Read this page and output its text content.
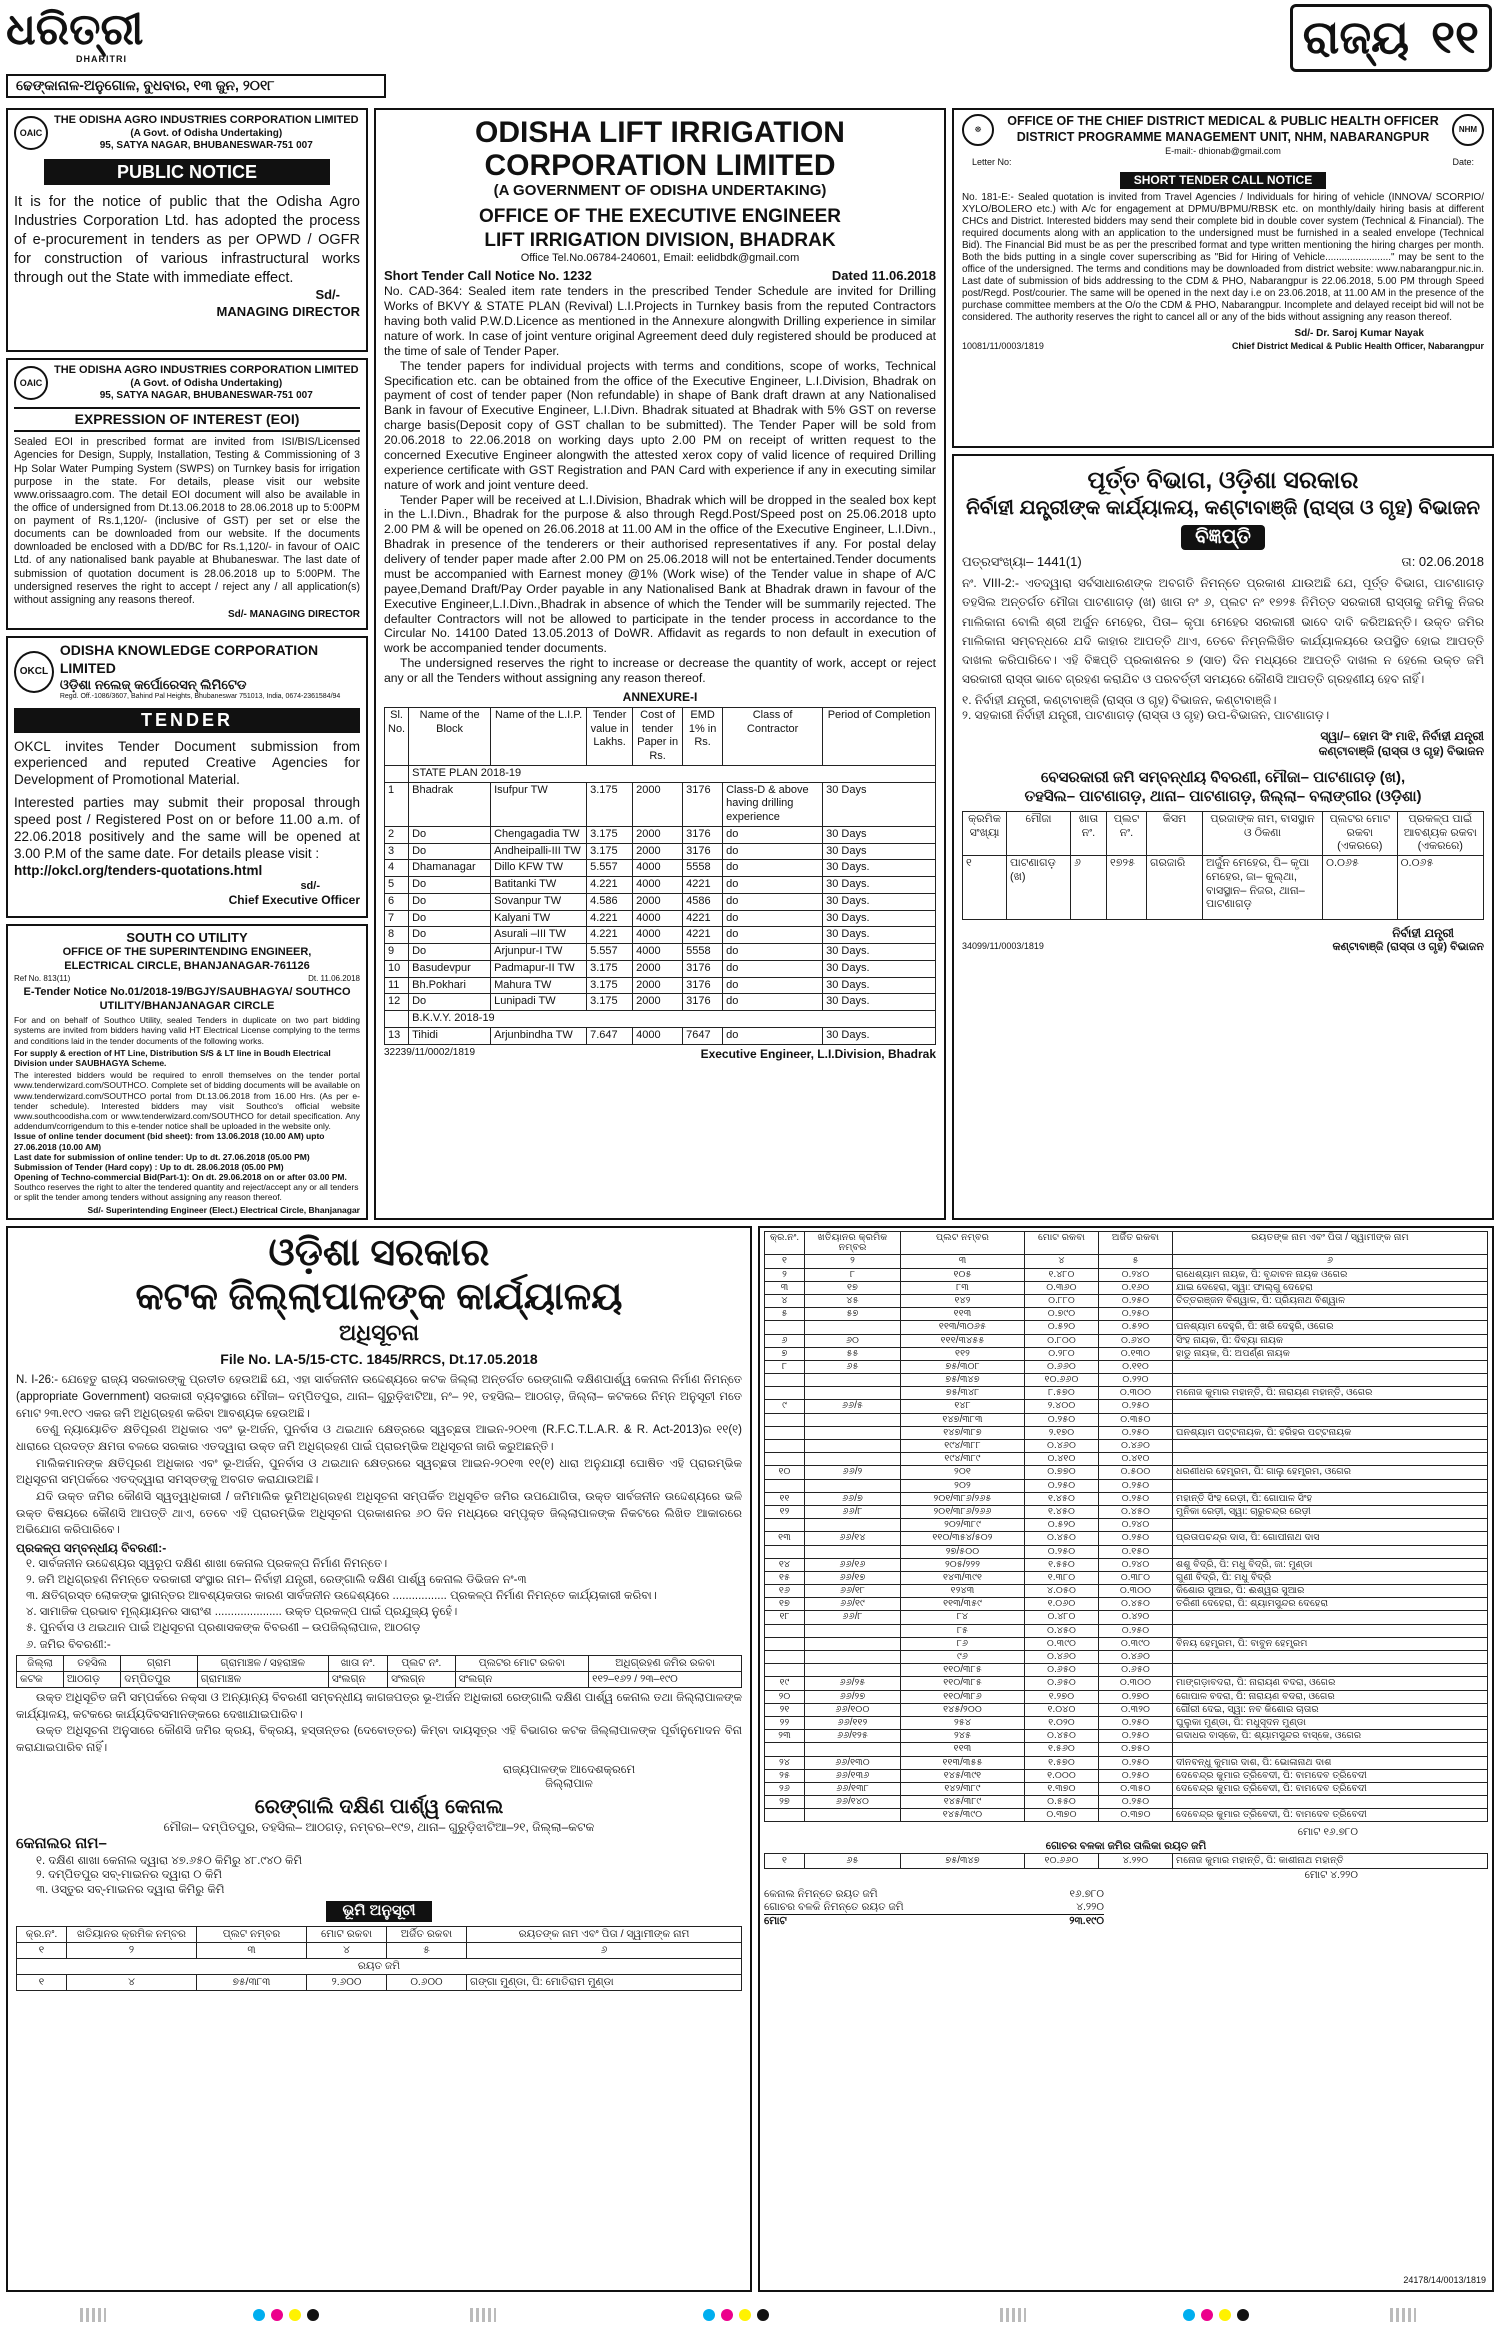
ଧରିତ୍ରୀ
DHARITRI
ଢେଙ୍କାନାଳ-ଅନୁଗୋଳ, ବୁଧବାର, ୧୩ ଜୁନ, ୨୦୧୮
ରାଜ୍ୟ ୧୧
OAIC
THE ODISHA AGRO INDUSTRIES CORPORATION LIMITED
(A Govt. of Odisha Undertaking)
95, SATYA NAGAR, BHUBANESWAR-751 007
PUBLIC NOTICE
It is for the notice of public that the Odisha Agro Industries Corporation Ltd. has adopted the process of e-procurement in tenders as per OPWD / OGFR for construction of various infrastructural works through out the State with immediate effect.
Sd/-
MANAGING DIRECTOR
OAIC
THE ODISHA AGRO INDUSTRIES CORPORATION LIMITED
(A Govt. of Odisha Undertaking)
95, SATYA NAGAR, BHUBANESWAR-751 007
EXPRESSION OF INTEREST (EOI)
Sealed EOI in prescribed format are invited from ISI/BIS/Licensed Agencies for Design, Supply, Installation, Testing & Commissioning of 3 Hp Solar Water Pumping System (SWPS) on Turnkey basis for irrigation purpose in the state. For details, please visit our website www.orissaagro.com. The detail EOI document will also be available in the office of undersigned from Dt.13.06.2018 to 28.06.2018 up to 5:00PM on payment of Rs.1,120/- (inclusive of GST) per set or else the documents can be downloaded from our website. If the documents downloaded be enclosed with a DD/BC for Rs.1,120/- in favour of OAIC Ltd. of any nationalised bank payable at Bhubaneswar. The last date of submission of quotation document is 28.06.2018 up to 5:00PM. The undersigned reserves the right to accept / reject any / all application(s) without assigning any reasons thereof.
Sd/- MANAGING DIRECTOR
OKCL
ODISHA KNOWLEDGE CORPORATION LIMITED
ଓଡ଼ିଶା ନଲେଜ୍ କର୍ପୋରେସନ୍ ଲିମିଟେଡ
Regd. Off.-1086/3607, Bahind Pal Heights, Bhubaneswar 751013, India, 0674-2361584/94
TENDER
OKCL invites Tender Document submission from experienced and reputed Creative Agencies for Development of Promotional Material.
Interested parties may submit their proposal through speed post / Registered Post on or before 11.00 a.m. of 22.06.2018 positively and the same will be opened at 3.00 P.M of the same date. For details please visit :
http://okcl.org/tenders-quotations.html
sd/-
Chief Executive Officer
SOUTH CO UTILITY
OFFICE OF THE SUPERINTENDING ENGINEER,
ELECTRICAL CIRCLE, BHANJANAGAR-761126
Ref No. 813(11)	Dt. 11.06.2018
E-Tender Notice No.01/2018-19/BGJY/SAUBHAGYA/ SOUTHCO UTILITY/BHANJANAGAR CIRCLE
For and on behalf of Southco Utility, sealed Tenders in duplicate on two part bidding systems are invited from bidders having valid HT Electrical License complying to the terms and conditions laid in the tender documents of the following works.
For supply & erection of HT Line, Distribution S/S & LT line in Boudh Electrical Division under SAUBHAGYA Scheme.
The interested bidders would be required to enroll themselves on the tender portal www.tenderwizard.com/SOUTHCO. Complete set of bidding documents will be available on www.tenderwizard.com/SOUTHCO portal from Dt.13.06.2018 from 16.00 Hrs. (As per e-tender schedule). Interested bidders may visit Southco's official website www.southcoodisha.com or www.tenderwizard.com/SOUTHCO for detail specification. Any addendum/corrigendum to this e-tender notice shall be uploaded in the website only.
Issue of online tender document (bid sheet): from 13.06.2018 (10.00 AM) upto 27.06.2018 (10.00 AM)
Last date for submission of online tender: Up to dt. 27.06.2018 (05.00 PM)
Submission of Tender (Hard copy) : Up to dt. 28.06.2018 (05.00 PM)
Opening of Techno-commercial Bid(Part-1): On dt. 29.06.2018 on or after 03.00 PM.
Southco reserves the right to alter the tendered quantity and reject/accept any or all tenders or split the tender among tenders without assigning any reason thereof.
Sd/- Superintending Engineer (Elect.) Electrical Circle, Bhanjanagar
ODISHA LIFT IRRIGATION
CORPORATION LIMITED
(A GOVERNMENT OF ODISHA UNDERTAKING)
OFFICE OF THE EXECUTIVE ENGINEER
LIFT IRRIGATION DIVISION, BHADRAK
Office Tel.No.06784-240601, Email: eelidbdk@gmail.com
Short Tender Call Notice No. 1232	Dated 11.06.2018
No. CAD-364: Sealed item rate tenders in the prescribed Tender Schedule are invited for Drilling Works of BKVY & STATE PLAN (Revival) L.I.Projects in Turnkey basis from the reputed Contractors having both valid P.W.D.Licence as mentioned in the Annexure alongwith Drilling experience in similar nature of work. In case of joint venture original Agreement deed duly registered should be produced at the time of sale of Tender Paper.
The tender papers for individual projects with terms and conditions, scope of works, Technical Specification etc. can be obtained from the office of the Executive Engineer, L.I.Division, Bhadrak on payment of cost of tender paper (Non refundable) in shape of Bank draft drawn at any Nationalised Bank in favour of Executive Engineer, L.I.Divn. Bhadrak situated at Bhadrak with 5% GST on reverse charge basis(Deposit copy of GST challan to be submitted). The Tender Paper will be sold from 20.06.2018 to 22.06.2018 on working days upto 2.00 PM on receipt of written request to the concerned Executive Engineer alongwith the attested xerox copy of valid licence of required Drilling experience certificate with GST Registration and PAN Card with experience if any in executing similar nature of work and joint venture deed.
Tender Paper will be received at L.I.Division, Bhadrak which will be dropped in the sealed box kept in the L.I.Divn., Bhadrak for the purpose & also through Regd.Post/Speed post on 25.06.2018 upto 2.00 PM & will be opened on 26.06.2018 at 11.00 AM in the office of the Executive Engineer, L.I.Divn., Bhadrak in presence of the tenderers or their authorised representatives if any. For postal delay delivery of tender paper made after 2.00 PM on 25.06.2018 will not be entertained.Tender documents must be accompanied with Earnest money @1% (Work wise) of the Tender value in shape of A/C payee,Demand Draft/Pay Order payable in any Nationalised Bank at Bhadrak drawn in favour of the Executive Engineer,L.I.Divn.,Bhadrak in absence of which the Tender will be summarily rejected. The defaulter Contractors will not be allowed to participate in the tender process in accordance to the Circular No. 14100 Dated 13.05.2013 of DoWR. Affidavit as regards to non default in execution of work be accompanied tender documents.
The undersigned reserves the right to increase or decrease the quantity of work, accept or reject any or all the Tenders without assigning any reason thereof.
ANNEXURE-I
Sl. No.	Name of the Block	Name of the L.I.P.	Tender value in Lakhs.	Cost of tender Paper in Rs.	EMD 1% in Rs.	Class of Contractor	Period of Completion
	STATE PLAN 2018-19						
1	Bhadrak	Isufpur TW	3.175	2000	3176	Class-D & above having drilling experience	30 Days
2	Do	Chengagadia TW	3.175	2000	3176	do	30 Days
3	Do	Andheipalli-III TW	3.175	2000	3176	do	30 Days
4	Dhamanagar	Dillo KFW TW	5.557	4000	5558	do	30 Days.
5	Do	Batitanki TW	4.221	4000	4221	do	30 Days.
6	Do	Sovanpur TW	4.586	2000	4586	do	30 Days.
7	Do	Kalyani TW	4.221	4000	4221	do	30 Days.
8	Do	Asurali –III TW	4.221	4000	4221	do	30 Days.
9	Do	Arjunpur-I TW	5.557	4000	5558	do	30 Days.
10	Basudevpur	Padmapur-II TW	3.175	2000	3176	do	30 Days.
11	Bh.Pokhari	Mahura TW	3.175	2000	3176	do	30 Days.
12	Do	Lunipadi TW	3.175	2000	3176	do	30 Days.
	B.K.V.Y. 2018-19						
13	Tihidi	Arjunbindha TW	7.647	4000	7647	do	30 Days.
32239/11/0002/1819	Executive Engineer, L.I.Division, Bhadrak
☸
OFFICE OF THE CHIEF DISTRICT MEDICAL & PUBLIC HEALTH OFFICER
DISTRICT PROGRAMME MANAGEMENT UNIT, NHM, NABARANGPUR
NHM
E-mail:- dhionab@gmail.com
Letter No:	Date:
SHORT TENDER CALL NOTICE
No. 181-E:- Sealed quotation is invited from Travel Agencies / Individuals for hiring of vehicle (INNOVA/ SCORPIO/ XYLO/BOLERO etc.) with A/c for engagement at DPMU/BPMU/RBSK etc. on monthly/daily hiring basis at different CHCs and District. Interested bidders may send their complete bid in double cover system (Technical & Financial). The required documents along with an application to the undersigned must be furnished in a sealed envelope (Technical Bid). The Financial Bid must be as per the prescribed format and type written mentioning the hiring charges per month. Both the bids putting in a single cover superscribing as "Bid for Hiring of Vehicle........................" may be sent to the office of the undersigned. The terms and conditions may be downloaded from district website: www.nabarangpur.nic.in. Last date of submission of bids addressing to the CDM & PHO, Nabarangpur is 22.06.2018, 5.00 PM through Speed post/Regd. Post/courier. The same will be opened in the next day i.e on 23.06.2018, at 11.00 AM in the presence of the purchase committee members at the O/o the CDM & PHO, Nabarangpur. Incomplete and delayed receipt bid will not be considered. The authority reserves the right to cancel all or any of the bids without assigning any reason thereof.
Sd/- Dr. Saroj Kumar Nayak
10081/11/0003/1819	Chief District Medical & Public Health Officer, Nabarangpur
ପୂର୍ତ୍ତ ବିଭାଗ, ଓଡ଼ିଶା ସରକାର
ନିର୍ବାହୀ ଯନ୍ତ୍ରୀଙ୍କ କାର୍ଯ୍ୟାଳୟ, କଣ୍ଟାବାଞ୍ଜି (ରାସ୍ତା ଓ ଗୃହ) ବିଭାଜନ
ବିଜ୍ଞପ୍ତି
ପତ୍ରସଂଖ୍ୟା– 1441(1)	ତା: 02.06.2018
ନଂ. VIII-2:- ଏତଦ୍ୱାରା ସର୍ବସାଧାରଣଙ୍କ ଅବଗତି ନିମନ୍ତେ ପ୍ରକାଶ ଯାଉଅଛି ଯେ, ପୂର୍ତ୍ତ ବିଭାଗ, ପାଟଣାଗଡ଼ ତହସିଲ ଅନ୍ତର୍ଗତ ମୌଜା ପାଟଣାଗଡ଼ (ଖ) ଖାତା ନଂ ୬, ପ୍ଲଟ ନଂ ୧୭୨୫ ନିମିତ୍ତ ସରକାରୀ ରାସ୍ତାକୁ ଜମିକୁ ନିଜର ମାଲିକାନା ବୋଲି ଶ୍ରୀ ଅର୍ଜୁନ ମେହେର, ପିତା– କୃପା ମେହେର ସରକାରୀ ଭାବେ ଦାବି କରିଅଛନ୍ତି। ଉକ୍ତ ଜମିର ମାଲିକାନା ସମ୍ବନ୍ଧରେ ଯଦି କାହାର ଆପତ୍ତି ଥାଏ, ତେବେ ନିମ୍ନଲିଖିତ କାର୍ଯ୍ୟାଳୟରେ ଉପସ୍ଥିତ ହୋଇ ଆପତ୍ତି ଦାଖଲ କରିପାରିବେ। ଏହି ବିଜ୍ଞପ୍ତି ପ୍ରକାଶନର ୭ (ସାତ) ଦିନ ମଧ୍ୟରେ ଆପତ୍ତି ଦାଖଲ ନ ହେଲେ ଉକ୍ତ ଜମି ସରକାରୀ ରାସ୍ତା ଭାବେ ଗ୍ରହଣ କରାଯିବ ଓ ପରବର୍ତ୍ତୀ ସମୟରେ କୌଣସି ଆପତ୍ତି ଗ୍ରହଣୀୟ ହେବ ନାହିଁ।
୧. ନିର୍ବାହୀ ଯନ୍ତ୍ରୀ, କଣ୍ଟାବାଞ୍ଜି (ରାସ୍ତା ଓ ଗୃହ) ବିଭାଜନ, କଣ୍ଟାବାଞ୍ଜି।
୨. ସହକାରୀ ନିର୍ବାହୀ ଯନ୍ତ୍ରୀ, ପାଟଣାଗଡ଼ (ରାସ୍ତା ଓ ଗୃହ) ଉପ-ବିଭାଜନ, ପାଟଣାଗଡ଼।
ସ୍ୱା/– ହୋମ ସିଂ ମାଝି, ନିର୍ବାହୀ ଯନ୍ତ୍ରୀ
କଣ୍ଟାବାଞ୍ଜି (ରାସ୍ତା ଓ ଗୃହ) ବିଭାଜନ
ବେସରକାରୀ ଜମି ସମ୍ବନ୍ଧୀୟ ବିବରଣୀ, ମୌଜା– ପାଟଣାଗଡ଼ (ଖ),
ତହସିଲ– ପାଟଣାଗଡ଼, ଥାନା– ପାଟଣାଗଡ଼, ଜିଲ୍ଲା– ବଲାଙ୍ଗୀର (ଓଡ଼ିଶା)
କ୍ରମିକ ସଂଖ୍ୟା	ମୌଜା	ଖାତା ନଂ.	ପ୍ଲଟ ନଂ.	କିସମ	ପ୍ରଜାଙ୍କ ନାମ, ବାସସ୍ଥାନ ଓ ଠିକଣା	ପ୍ଲଟର ମୋଟ ରକବା (ଏକରରେ)	ପ୍ରକଳ୍ପ ପାଇଁ ଆବଶ୍ୟକ ରକବା (ଏକରରେ)
୧	ପାଟଣାଗଡ଼ (ଖ)	୬	୧୭୨୫	ଗରଜାରି	ଅର୍ଜୁନ ମେହେର, ପି– କୃପା ମେହେର, ଜା– କୁଲ୍ଥା, ବାସସ୍ଥାନ– ନିଜର, ଥାନା– ପାଟଣାଗଡ଼	୦.୦୬୫	୦.୦୬୫
ନିର୍ବାହୀ ଯନ୍ତ୍ରୀ
34099/11/0003/1819	କଣ୍ଟାବାଞ୍ଜି (ରାସ୍ତା ଓ ଗୃହ) ବିଭାଜନ
ଓଡ଼ିଶା ସରକାର
କଟକ ଜିଲ୍ଲାପାଳଙ୍କ କାର୍ଯ୍ୟାଳୟ
ଅଧିସୂଚନା
File No. LA-5/15-CTC. 1845/RRCS, Dt.17.05.2018
N. I-26:- ଯେହେତୁ ରାଜ୍ୟ ସରକାରଙ୍କୁ ପ୍ରତୀତ ହେଉଅଛି ଯେ, ଏହା ସାର୍ବଜନୀନ ଉଦ୍ଦେଶ୍ୟରେ କଟକ ଜିଲ୍ଲା ଅନ୍ତର୍ଗତ ରେଙ୍ଗାଲି ଦକ୍ଷିଣପାର୍ଶ୍ୱ କେନାଲ ନିର୍ମାଣ ନିମନ୍ତେ (appropriate Government) ସରକାରୀ ବ୍ୟବସ୍ଥାରେ ମୌଜା– ଦମ୍ପିତପୁର, ଥାନା– ଗୁରୁଡ଼ିଝାଟିଆ, ନଂ– ୨୧, ତହସିଲ– ଆଠଗଡ଼, ଜିଲ୍ଲା– କଟକରେ ନିମ୍ନ ଅନୁସୂଚୀ ମତେ ମୋଟ ୨୩.୧୯୦ ଏକର ଜମି ଅଧିଗ୍ରହଣ କରିବା ଆବଶ୍ୟକ ହେଉଅଛି।
ତେଣୁ ନ୍ୟାୟୋଚିତ କ୍ଷତିପୂରଣ ଅଧିକାର ଏବଂ ଭୂ-ଅର୍ଜନ, ପୁନର୍ବାସ ଓ ଥଇଥାନ କ୍ଷେତ୍ରରେ ସ୍ୱଚ୍ଛତା ଆଇନ-୨୦୧୩ (R.F.C.T.L.A.R. & R. Act-2013)ର ୧୧(୧) ଧାରାରେ ପ୍ରଦତ୍ତ କ୍ଷମତା ବଳରେ ସରକାର ଏତଦ୍ୱାରା ଉକ୍ତ ଜମି ଅଧିଗ୍ରହଣ ପାଇଁ ପ୍ରାରମ୍ଭିକ ଅଧିସୂଚନା ଜାରି କରୁଅଛନ୍ତି।
ମାଲିକମାନଙ୍କ କ୍ଷତିପୂରଣ ଅଧିକାର ଏବଂ ଭୂ-ଅର୍ଜନ, ପୁନର୍ବାସ ଓ ଥଇଥାନ କ୍ଷେତ୍ରରେ ସ୍ୱଚ୍ଛତା ଆଇନ-୨୦୧୩ ୧୧(୧) ଧାରା ଅନୁଯାୟୀ ଘୋଷିତ ଏହି ପ୍ରାରମ୍ଭିକ ଅଧିସୂଚନା ସମ୍ପର୍କରେ ଏତଦ୍‌ଦ୍ୱାରା ସମସ୍ତଙ୍କୁ ଅବଗତ କରାଯାଉଅଛି।
ଯଦି ଉକ୍ତ ଜମିର କୌଣସି ସ୍ୱତ୍ୱାଧିକାରୀ / ଜମିମାଲିକ ଭୂମିଅଧିଗ୍ରହଣ ଅଧିସୂଚନା ସମ୍ପର୍କିତ ଅଧିସୂଚିତ ଜମିର ଉପଯୋଗିତା, ଉକ୍ତ ସାର୍ବଜନୀନ ଉଦ୍ଦେଶ୍ୟରେ ଭଳି ଉକ୍ତ ବିଷୟରେ କୌଣସି ଆପତ୍ତି ଥାଏ, ତେବେ ଏହି ପ୍ରାରମ୍ଭିକ ଅଧିସୂଚନା ପ୍ରକାଶନର ୬୦ ଦିନ ମଧ୍ୟରେ ସମ୍ପୃକ୍ତ ଜିଲ୍ଲାପାଳଙ୍କ ନିକଟରେ ଲିଖିତ ଆକାରରେ ଅଭିଯୋଗ କରିପାରିବେ।
ପ୍ରକଳ୍ପ ସମ୍ବନ୍ଧୀୟ ବିବରଣୀ:-
୧. ସାର୍ବଜନୀନ ଉଦ୍ଦେଶ୍ୟର ସ୍ୱରୂପ ଦକ୍ଷିଣ ଶାଖା କେନାଲ ପ୍ରକଳ୍ପ ନିର୍ମାଣ ନିମନ୍ତେ।
୨. ଜମି ଅଧିଗ୍ରହଣ ନିମନ୍ତେ ଦରକାରୀ ସଂସ୍ଥାର ନାମ– ନିର୍ବାହୀ ଯନ୍ତ୍ରୀ, ରେଙ୍ଗାଲି ଦକ୍ଷିଣ ପାର୍ଶ୍ୱ କେନାଲ ଡିଭିଜନ ନଂ-୩
୩. କ୍ଷତିଗ୍ରସ୍ତ ଲୋକଙ୍କ ସ୍ଥାନାନ୍ତର ଆବଶ୍ୟକତାର କାରଣ ସାର୍ବଜନୀନ ଉଦ୍ଦେଶ୍ୟରେ ................. ପ୍ରକଳ୍ପ ନିର୍ମାଣ ନିମନ୍ତେ କାର୍ଯ୍ୟକାରୀ କରିବା।
୪. ସାମାଜିକ ପ୍ରଭାବ ମୂଲ୍ୟାୟନର ସାରାଂଶ ..................... ଉକ୍ତ ପ୍ରକଳ୍ପ ପାଇଁ ପ୍ରଯୁଜ୍ୟ ନୁହେଁ।
୫. ପୁନର୍ବାସ ଓ ଥଇଥାନ ପାଇଁ ଅଧିସୂଚନା ପ୍ରଶାସକଙ୍କ ବିବରଣୀ – ଉପଜିଲ୍ଲାପାଳ, ଆଠଗଡ଼
୬. ଜମିର ବିବରଣୀ:-
ଜିଲ୍ଲା	ତହସିଲ	ଗ୍ରାମ	ଗ୍ରାମାଞ୍ଚଳ / ସହରାଞ୍ଚଳ	ଖାତା ନଂ.	ପ୍ଲଟ ନଂ.	ପ୍ଲଟର ମୋଟ ରକବା	ଅଧିଗ୍ରହଣ ଜମିର ରକବା
କଟକ	ଆଠଗଡ଼	ଦମ୍ପିତପୁର	ଗ୍ରାମାଞ୍ଚଳ	ସଂଲଗ୍ନ	ସଂଲଗ୍ନ	ସଂଲଗ୍ନ	୧୧୨–୧୬୨ / ୨୩–୧୯୦
ଉକ୍ତ ଅଧିସୂଚିତ ଜମି ସମ୍ପର୍କରେ ନକ୍ସା ଓ ଅନ୍ୟାନ୍ୟ ବିବରଣୀ ସମ୍ବନ୍ଧୀୟ କାଗଜପତ୍ର ଭୂ-ଅର୍ଜନ ଅଧିକାରୀ ରେଙ୍ଗାଲି ଦକ୍ଷିଣ ପାର୍ଶ୍ୱ କେନାଲ ତଥା ଜିଲ୍ଲାପାଳଙ୍କ କାର୍ଯ୍ୟାଳୟ, କଟକରେ କାର୍ଯ୍ୟଦିବସମାନଙ୍କରେ ଦେଖାଯାଇପାରିବ।
ଉକ୍ତ ଅଧିସୂଚନା ଅନୁସାରେ କୌଣସି ଜମିର କ୍ରୟ, ବିକ୍ରୟ, ହସ୍ତାନ୍ତର (ଦେବୋତ୍ତର) କିମ୍ବା ଦାୟସୂତ୍ର ଏହି ବିଭାଗର କଟକ ଜିଲ୍ଲାପାଳଙ୍କ ପୂର୍ବାନୁମୋଦନ ବିନା କରାଯାଇପାରିବ ନାହିଁ।
ରାଜ୍ୟପାଳଙ୍କ ଆଦେଶକ୍ରମେ
ଜିଲ୍ଲାପାଳ
ରେଙ୍ଗାଲି ଦକ୍ଷିଣ ପାର୍ଶ୍ୱ କେନାଲ
ମୌଜା– ଦମ୍ପିତପୁର, ତହସିଲ– ଆଠଗଡ଼, ନମ୍ବର–୧୯୭, ଥାନା– ଗୁରୁଡ଼ିଝାଟିଆ–୨୧, ଜିଲ୍ଲା–କଟକ
କେନାଲର ନାମ–
୧. ଦକ୍ଷିଣ ଶାଖା କେନାଲ ଦ୍ୱାରା ୪୭.୬୫୦ କିମିରୁ ୪୮.୯୪୦ କିମି
୨. ଦମ୍ପିତପୁର ସବ୍-ମାଇନର ଦ୍ୱାରା ୦ କିମି
୩. ଓସ୍ତୁର ସବ୍-ମାଇନର ଦ୍ୱାରା କିମିରୁ କିମି
ଭୂମି ଅନୁସୂଚୀ
କ୍ର.ନଂ.	ଖତିୟାନର କ୍ରମିକ ନମ୍ବର	ପ୍ଲଟ ନମ୍ବର	ମୋଟ ରକବା	ଅର୍ଜିତ ରକବା	ରୟତଙ୍କ ନାମ ଏବଂ ପିତା / ସ୍ୱାମୀଙ୍କ ନାମ
୧	୨	୩	୪	୫	୬
ରୟତ ଜମି					
୧	୪	୭୫/୩୮୩	୨.୬୦୦	୦.୬୦୦	ଗଙ୍ଗା ମୁଣ୍ଡା, ପି: ମୋତିରାମ ମୁଣ୍ଡା
କ୍ର.ନଂ.	ଖତିୟାନର କ୍ରମିକ ନମ୍ବର	ପ୍ଲଟ ନମ୍ବର	ମୋଟ ରକବା	ଅର୍ଜିତ ରକବା	ରୟତଙ୍କ ନାମ ଏବଂ ପିତା / ସ୍ୱାମୀଙ୍କ ନାମ
୧	୨	୩	୪	୫	୬
୨	୮	୧୦୫	୧.୪୮୦	୦.୨୪୦	ରାଧେଶ୍ୟାମ ନାୟକ, ପି: ବୃନ୍ଦାବନ ନାୟକ ଓଗେର
୩	୧୭	୮୩	୦.୩୬୦	୦.୧୬୦	ଯାଇ ଦେହେରା, ସ୍ୱା: ଫାଲ୍ଗୁ ଦେହେରା
୪	୪୫	୧୪୨	୦.୮୮୦	୦.୨୫୦	ଚିତ୍ତରଞ୍ଜନ ବିଶ୍ୱାଳ, ପି: ପ୍ରିୟନାଥ ବିଶ୍ୱାଳ
୫	୫୭	୧୧୩	୦.୭୯୦	୦.୨୫୦	
		୧୧୩/୩୦୬୫	୦.୫୨୦	୦.୫୨୦	ଘନଶ୍ୟାମ ଦେହୁରି, ପି: ଖରି ଦେହୁରି, ଓଗେର
୬	୬୦	୧୧୧/୩୪୫୫	୦.୮୦୦	୦.୬୪୦	ସିଂହ ନାୟକ, ପି: ଦିବ୍ୟା ନାୟକ
୭	୫୫	୧୧୨	୦.୨୮୦	୦.୧୩୦	ହାଡୁ ନାୟକ, ପି: ଅପର୍ଣ୍ଣ ନାୟକ
୮	୬୫	୭୫/୩୦୮	୦.୬୬୦	୦.୧୧୦	
		୭୫/୩୪୭	୧୦.୬୬୦	୦.୨୨୦	
		୭୫/୩୪୮	୮.୫୭୦	୦.୩୦୦	ମନୋଜ କୁମାର ମହାନ୍ତି, ପି: ନାରାୟଣ ମହାନ୍ତି, ଓଗେର
୯	୬୬/୫	୧୪୮	୨.୪୦୦	୦.୨୫୦	
		୧୪୭/୩୮୩	୦.୨୫୦	୦.୩୫୦	
		୧୪୭/୩୮୭	୨.୧୭୦	୦.୨୫୦	ଘନଶ୍ୟାମ ପଟ୍ଟନାୟକ, ପି: ହରିହର ପଟ୍ଟନାୟକ
		୧୯୪/୩୮୮	୦.୪୬୦	୦.୪୬୦	
		୧୯୪/୩୮୯	୦.୪୧୦	୦.୪୧୦	
୧୦	୬୬/୨	୨୦୧	୦.୭୭୦	୦.୫୦୦	ଧରଣୀଧର ହେମ୍ବ୍ରମ, ପି: ଗାଲୁ ହେମ୍ବ୍ରମ, ଓଗେର
		୨୦୨	୦.୨୫୦	୦.୨୫୦	
୧୧	୬୬/୭	୨୦୧/୩୮୬/୨୬୫	୧.୪୫୦	୦.୨୫୦	ମହାନ୍ତି ସିଂହ ରେଡ଼ୀ, ପି: ଗୋପାଳ ସିଂହ
୧୨	୬୬/୮	୨୦୧/୩୮୬/୨୬୬	୧.୪୫୦	୦.୪୫୦	ମୁନିକା ରେଡ଼ୀ, ସ୍ୱା: ଚାରୁଚନ୍ଦ୍ର ରେଡ଼ୀ
		୨୦୨/୩୮୯	୦.୫୨୦	୦.୨୪୦	
୧୩	୬୬/୧୪	୧୧୦/୩୫୪/୫୦୨	୦.୪୫୦	୦.୨୫୦	ପ୍ରତାପଚନ୍ଦ୍ର ଦାସ, ପି: ଗୋପୀନାଥ ଦାସ
		୨୭/୫୦୦	୦.୨୫୦	୦.୧୫୦	
୧୪	୬୬/୧୬	୨୦୫/୨୨୨	୧.୫୫୦	୦.୨୪୦	ଶଶୁ ବିଦ୍ରି, ପି: ମଧୁ ବିଦ୍ରି, ଜା: ମୁଣ୍ଡା
୧୫	୬୬/୧୭	୧୪୩/୩୯୧	୧.୩୮୦	୦.୩୮୦	ଗୁଣୀ ବିଦ୍ରି, ପି: ମଧୁ ବିଦ୍ରି
୧୬	୬୬/୧୮	୧୨୪୩	୪.୦୫୦	୦.୩୦୦	କିଶୋର ସୁଆର, ପି: ଈଶ୍ୱର ସୁଆର
୧୭	୬୬/୧୯	୧୧୩/୩୫୯	୧.୦୬୦	୦.୪୫୦	ତରିଣୀ ଦେହେରା, ପି: ଶ୍ୟାମସୁନ୍ଦର ଦେହେରା
୧୮	୬୬/୮	୮୪	୦.୪୮୦	୦.୪୨୦	
		୮୫	୦.୪୫୦	୦.୨୫୦	
		୮୬	୦.୩୯୦	୦.୩୯୦	ବିନୟ ହେମ୍ବ୍ରମ, ପି: ବାବୁନ ହେମ୍ବ୍ରମ
		୯୬	୦.୪୬୦	୦.୪୬୦	
		୧୧୦/୩୮୫	୦.୬୫୦	୦.୬୫୦	
୧୯	୬୬/୨୫	୧୧୦/୩୮୫	୦.୬୫୦	୦.୩୦୦	ମାଙ୍ଗଡ଼ାବଦରା, ପି: ନାରାୟଣ ବଦରା, ଓଗେର
୨୦	୬୬/୨୭	୧୧୦/୩୮୬	୧.୨୭୦	୦.୨୭୦	ଗୋପାଳ ବଦରା, ପି: ନାରାୟଣ ବଦରା, ଓଗେର
୨୧	୬୬/୧୦୦	୧୪୫/୨୦୦	୧.୦୪୦	୦.୩୨୦	ଗୌରୀ ଦେଇ, ସ୍ୱା: ନବ କିଶୋର ଚାତାର
୨୨	୬୬/୧୧୨	୨୫୪	୧.୦୨୦	୦.୨୫୦	ଘୁଲୁକା ମୁଣ୍ଡା, ପି: ମଧୁସୂଦନ ମୁଣ୍ଡା
୨୩	୬୬/୧୨୫	୨୪୫	୦.୪୫୦	୦.୨୫୦	ଗଦାଧର ବାସ୍କେ, ପି: ଶ୍ୟାମସୁନ୍ଦର ବାସ୍କେ, ଓଗେର
		୧୧୩	୧.୫୬୦	୦.୭୫୦	
୨୪	୬୬/୧୩୦	୧୧୩/୩୫୫	୧.୫୭୦	୦.୨୫୦	ଦୀନବନ୍ଧୁ କୁମାର ଦାଶ, ପି: ଭୋଳାନାଥ ଦାଶ
୨୫	୬୬/୧୩୬	୧୪୫/୩୯୧	୧.୦୦୦	୦.୨୫୦	ଦେବେନ୍ଦ୍ର କୁମାର ତ୍ରିବେଦୀ, ପି: ବାମଦେବ ତ୍ରିବେଦୀ
୨୬	୬୬/୧୩୮	୧୪୨/୩୮୯	୧.୩୭୦	୦.୩୫୦	ଦେବେନ୍ଦ୍ର କୁମାର ତ୍ରିବେଦୀ, ପି: ବାମଦେବ ତ୍ରିବେଦୀ
୨୭	୬୬/୧୪୦	୧୪୫/୩୮୯	୦.୫୫୦	୦.୨୫୦	
		୧୪୫/୩୯୦	୦.୩୭୦	୦.୩୭୦	ଦେବେନ୍ଦ୍ର କୁମାର ତ୍ରିବେଦୀ, ପି: ବାମଦେବ ତ୍ରିବେଦୀ
ମୋଟ ୧୬.୭୮୦
ଗୋଚର ବଳକା ଜମିର ତାଲିକା ରୟତ ଜମି
୧	୬୫	୭୫/୩୪୭	୧୦.୬୬୦	୪.୨୨୦	ମନୋଜ କୁମାର ମହାନ୍ତି, ପି: କାଶୀନାଥ ମହାନ୍ତି
ମୋଟ ୪.୨୨୦
କେନାଲ ନିମନ୍ତେ ରୟତ ଜମି	୧୬.୭୮୦
ଗୋଚର ବଳକି ନିମନ୍ତେ ରୟତ ଜମି	୪.୨୨୦
ମୋଟ	୨୩.୧୯୦
24178/14/0013/1819
